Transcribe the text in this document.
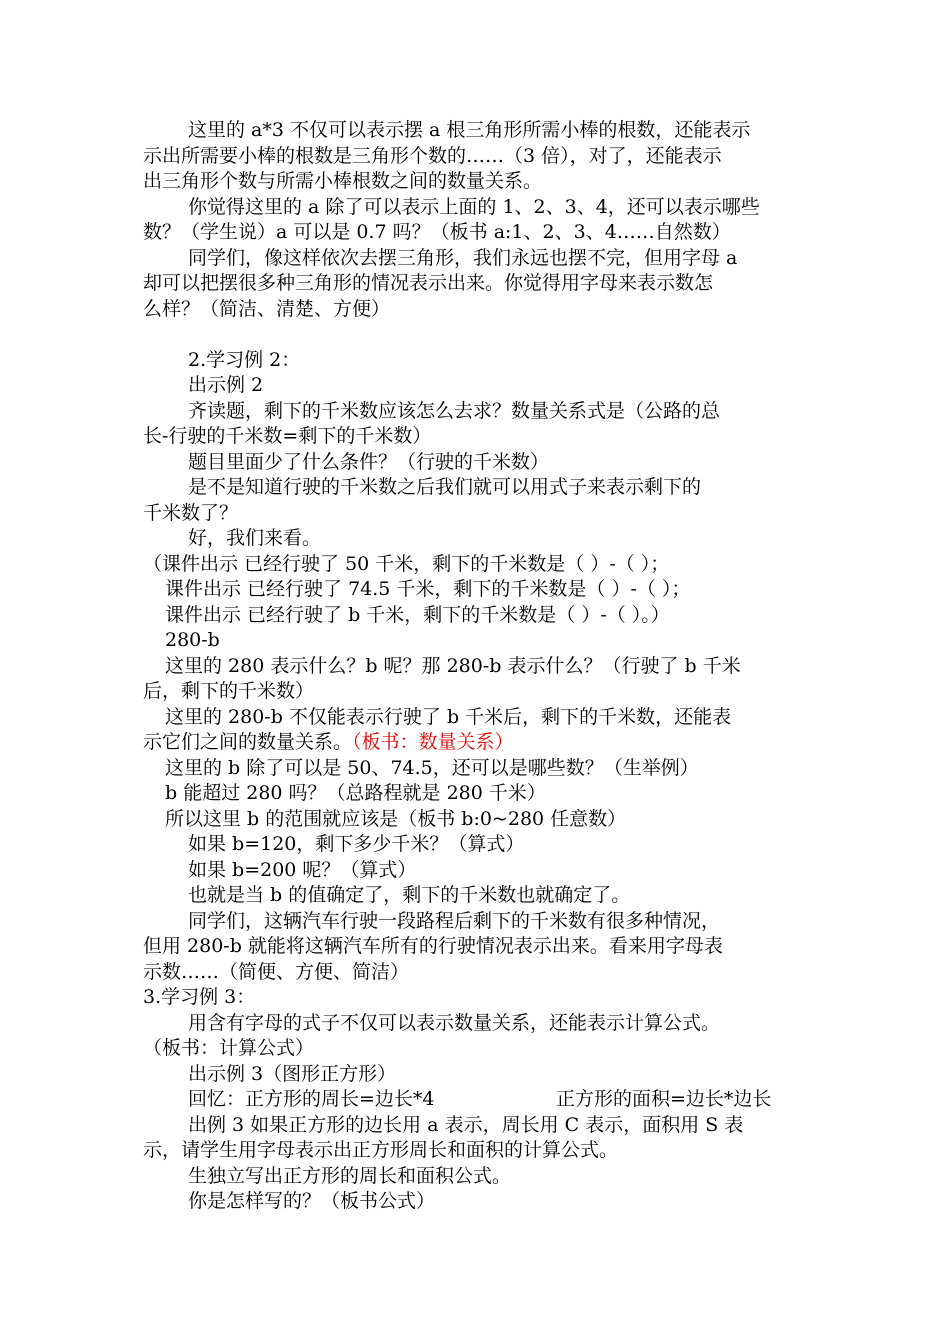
这里的 a*3 不仅可以表示摆 a 根三角形所需小棒的根数，还能表示
示出所需要小棒的根数是三角形个数的……（3 倍），对了，还能表示
出三角形个数与所需小棒根数之间的数量关系。
你觉得这里的 a 除了可以表示上面的 1、2、3、4，还可以表示哪些
数？（学生说）a 可以是 0.7 吗？（板书 a:1、2、3、4……自然数）
同学们，像这样依次去摆三角形，我们永远也摆不完，但用字母 a
却可以把摆很多种三角形的情况表示出来。你觉得用字母来表示数怎
么样？（简洁、清楚、方便）
2.学习例 2：
出示例 2
齐读题，剩下的千米数应该怎么去求？数量关系式是（公路的总
长-行驶的千米数=剩下的千米数）
题目里面少了什么条件？（行驶的千米数）
是不是知道行驶的千米数之后我们就可以用式子来表示剩下的
千米数了？
好，我们来看。
（课件出示 已经行驶了 50 千米，剩下的千米数是（ ）-（ ）；
课件出示 已经行驶了 74.5 千米，剩下的千米数是（ ）-（ ）；
课件出示 已经行驶了 b 千米，剩下的千米数是（ ）-（ ）。）
280-b
这里的 280 表示什么？b 呢？那 280-b 表示什么？（行驶了 b 千米
后，剩下的千米数）
这里的 280-b 不仅能表示行驶了 b 千米后，剩下的千米数，还能表
示它们之间的数量关系。（板书：数量关系）
这里的 b 除了可以是 50、74.5，还可以是哪些数？（生举例）
b 能超过 280 吗？（总路程就是 280 千米）
所以这里 b 的范围就应该是（板书 b:0~280 任意数）
如果 b=120，剩下多少千米？（算式）
如果 b=200 呢？（算式）
也就是当 b 的值确定了，剩下的千米数也就确定了。
同学们，这辆汽车行驶一段路程后剩下的千米数有很多种情况，
但用 280-b 就能将这辆汽车所有的行驶情况表示出来。看来用字母表
示数……（简便、方便、简洁）
3.学习例 3：
用含有字母的式子不仅可以表示数量关系，还能表示计算公式。
（板书：计算公式）
出示例 3（图形正方形）
回忆：正方形的周长=边长*4	正方形的面积=边长*边长
出例 3 如果正方形的边长用 a 表示，周长用 C 表示，面积用 S 表
示，请学生用字母表示出正方形周长和面积的计算公式。
生独立写出正方形的周长和面积公式。
你是怎样写的？（板书公式）
